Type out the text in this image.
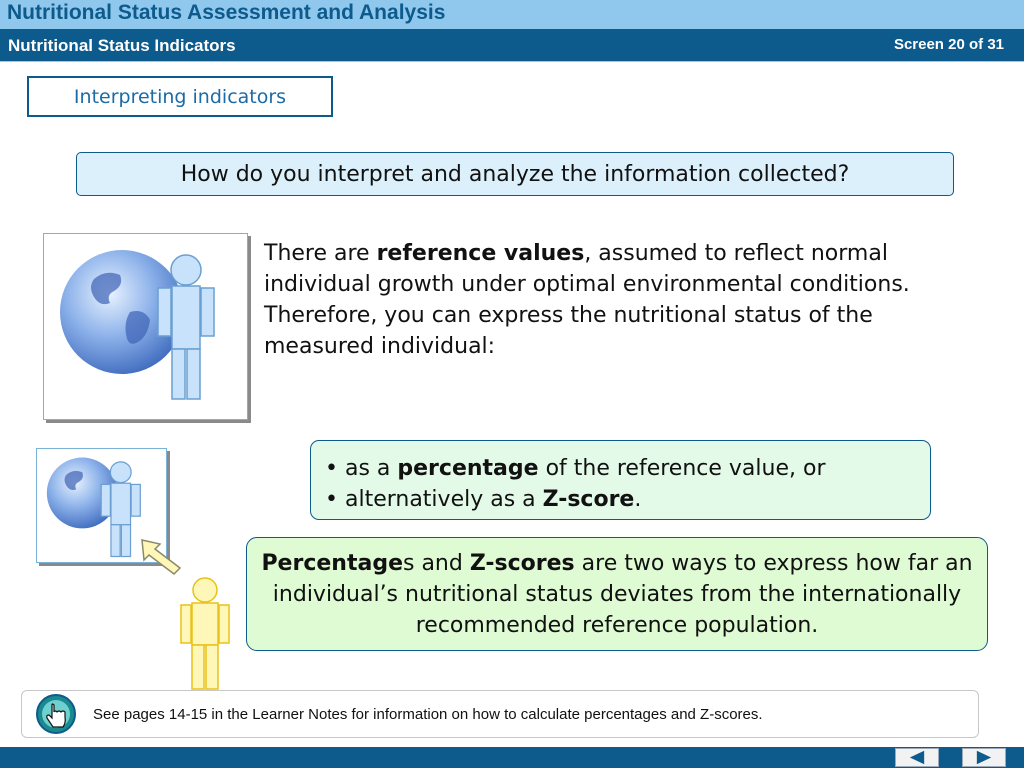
Nutritional Status Assessment and Analysis
Nutritional Status Indicators	Screen 20 of 31
Interpreting indicators
How do you interpret and analyze the information collected?
There are reference values, assumed to reflect normal individual growth under optimal environmental conditions.
Therefore, you can express the nutritional status of the measured individual:
• as a percentage of the reference value, or
• alternatively as a Z-score.
Percentages and Z-scores are two ways to express how far an individual’s nutritional status deviates from the internationally recommended reference population.
See pages 14-15 in the Learner Notes for information on how to calculate percentages and Z-scores.
